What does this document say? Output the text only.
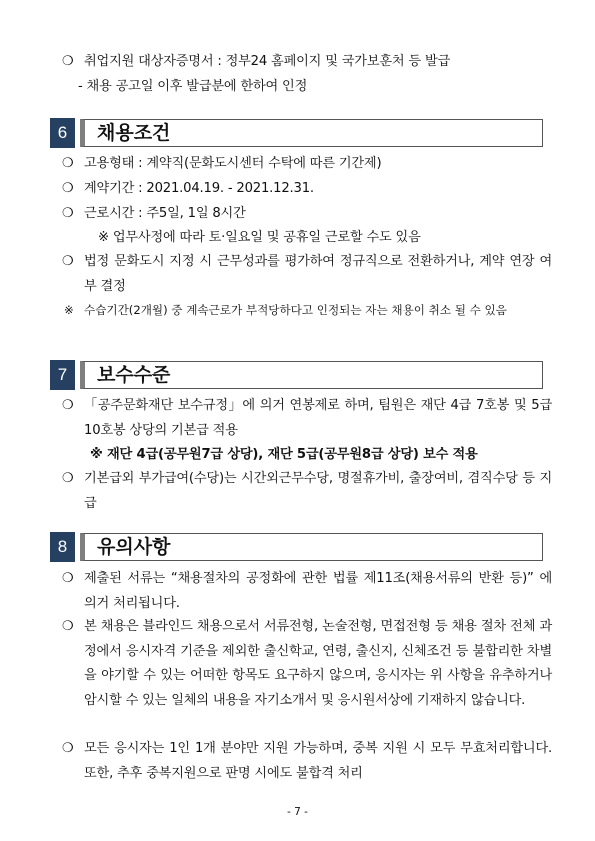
❍ 취업지원 대상자증명서 : 정부24 홈페이지 및 국가보훈처 등 발급
- 채용 공고일 이후 발급분에 한하여 인정
6	채용조건
❍ 고용형태 : 계약직(문화도시센터 수탁에 따른 기간제)
❍ 계약기간 : 2021.04.19. - 2021.12.31.
❍ 근로시간 : 주5일, 1일 8시간
※ 업무사정에 따라 토·일요일 및 공휴일 근로할 수도 있음
❍ 법정 문화도시 지정 시 근무성과를 평가하여 정규직으로 전환하거나, 계약 연장 여부 결정
※ 수습기간(2개월) 중 계속근로가 부적당하다고 인정되는 자는 채용이 취소 될 수 있음
7	보수수준
❍ 「공주문화재단 보수규정」에 의거 연봉제로 하며, 팀원은 재단 4급 7호봉 및 5급 10호봉 상당의 기본급 적용
※ 재단 4급(공무원7급 상당), 재단 5급(공무원8급 상당) 보수 적용
❍ 기본급외 부가급여(수당)는 시간외근무수당, 명절휴가비, 출장여비, 겸직수당 등 지급
8	유의사항
❍ 제출된 서류는 “채용절차의 공정화에 관한 법률 제11조(채용서류의 반환 등)” 에 의거 처리됩니다.
❍ 본 채용은 블라인드 채용으로서 서류전형, 논술전형, 면접전형 등 채용 절차 전체 과정에서 응시자격 기준을 제외한 출신학교, 연령, 출신지, 신체조건 등 불합리한 차별을 야기할 수 있는 어떠한 항목도 요구하지 않으며, 응시자는 위 사항을 유추하거나 암시할 수 있는 일체의 내용을 자기소개서 및 응시원서상에 기재하지 않습니다.
❍ 모든 응시자는 1인 1개 분야만 지원 가능하며, 중복 지원 시 모두 무효처리합니다. 또한, 추후 중복지원으로 판명 시에도 불합격 처리
- 7 -
